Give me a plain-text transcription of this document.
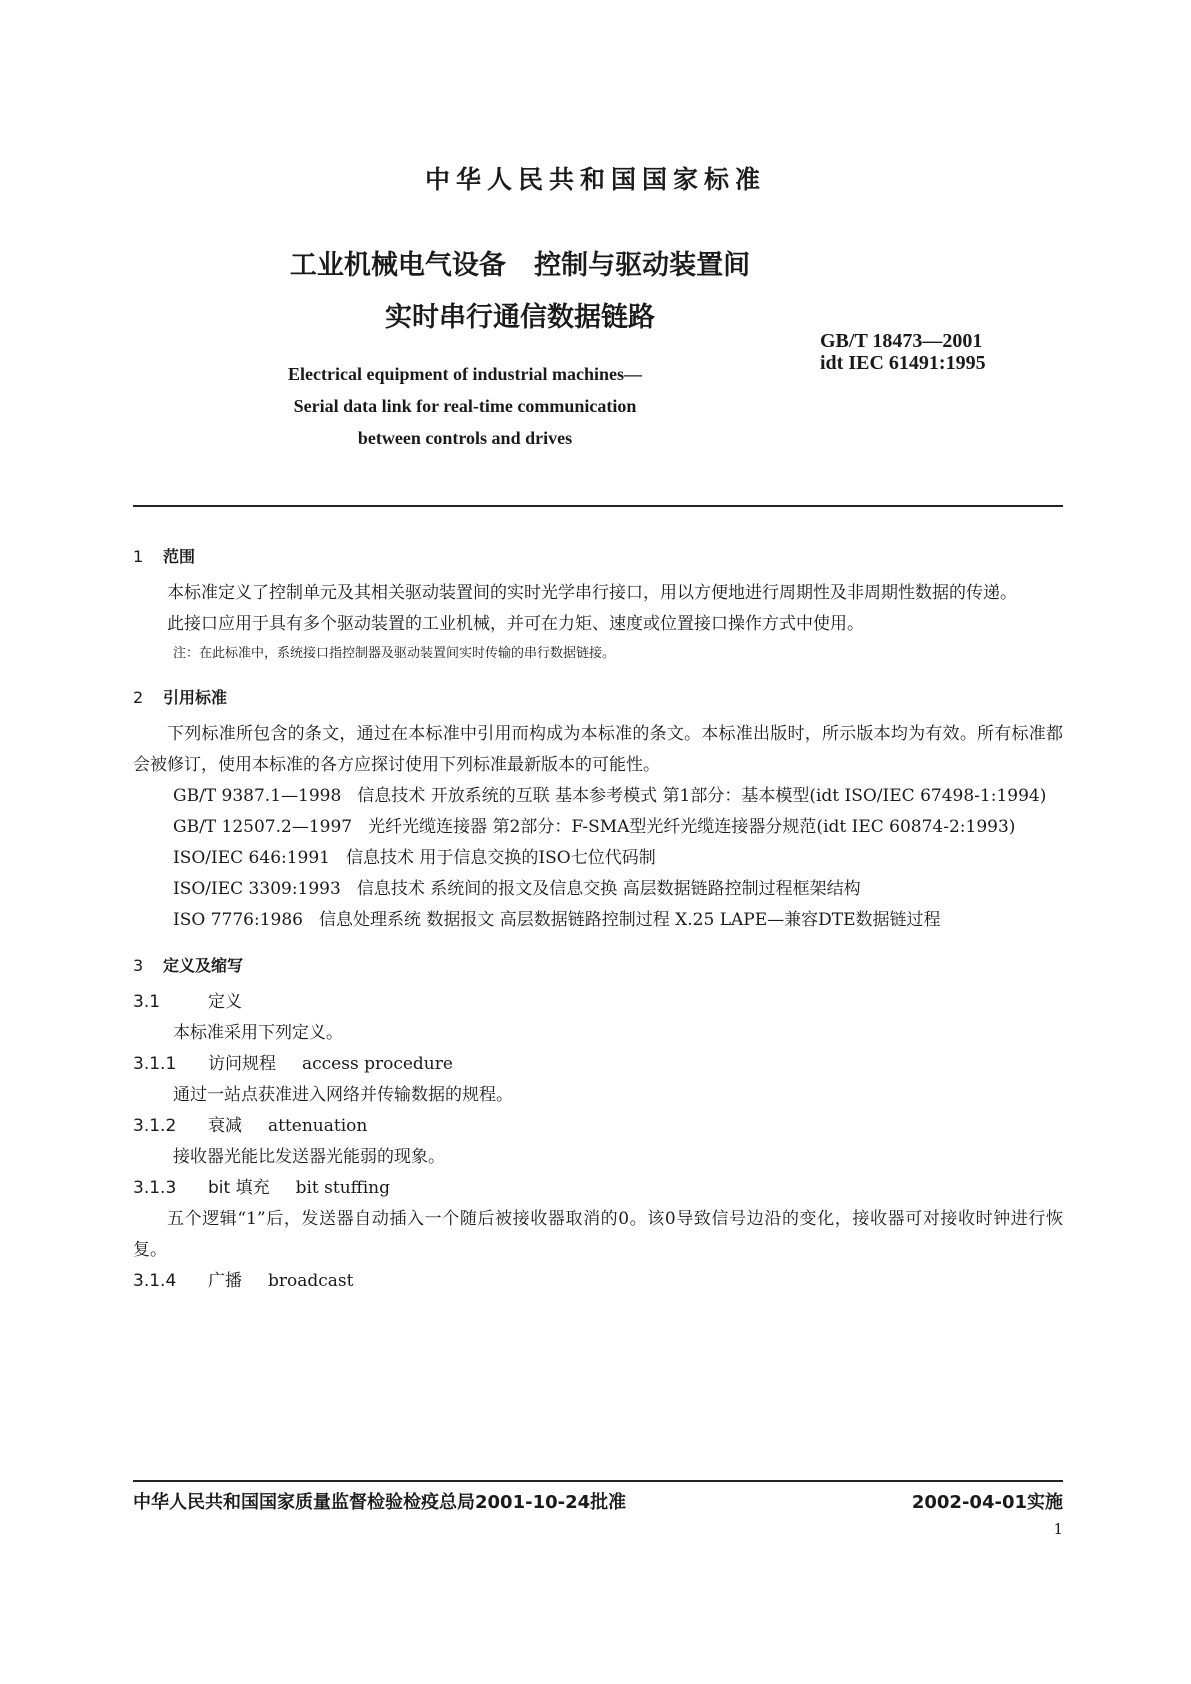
中华人民共和国国家标准
工业机械电气设备   控制与驱动装置间
实时串行通信数据链路
GB/T 18473—2001
idt IEC 61491:1995
Electrical equipment of industrial machines—
Serial data link for real-time communication
between controls and drives
1 范围
本标准定义了控制单元及其相关驱动装置间的实时光学串行接口，用以方便地进行周期性及非周期性数据的传递。
此接口应用于具有多个驱动装置的工业机械，并可在力矩、速度或位置接口操作方式中使用。
注：在此标准中，系统接口指控制器及驱动装置间实时传输的串行数据链接。
2 引用标准
下列标准所包含的条文，通过在本标准中引用而构成为本标准的条文。本标准出版时，所示版本均为有效。所有标准都会被修订，使用本标准的各方应探讨使用下列标准最新版本的可能性。
GB/T 9387.1—1998 信息技术 开放系统的互联 基本参考模式 第1部分：基本模型(idt ISO/IEC 67498-1:1994)
GB/T 12507.2—1997 光纤光缆连接器 第2部分：F-SMA型光纤光缆连接器分规范(idt IEC 60874-2:1993)
ISO/IEC 646:1991 信息技术 用于信息交换的ISO七位代码制
ISO/IEC 3309:1993 信息技术 系统间的报文及信息交换 高层数据链路控制过程框架结构
ISO 7776:1986 信息处理系统 数据报文 高层数据链路控制过程 X.25 LAPE—兼容DTE数据链过程
3 定义及缩写
3.1	定义
本标准采用下列定义。
3.1.1	访问规程	access procedure
通过一站点获准进入网络并传输数据的规程。
3.1.2	衰减	attenuation
接收器光能比发送器光能弱的现象。
3.1.3	bit 填充	bit stuffing
五个逻辑“1”后，发送器自动插入一个随后被接收器取消的0。该0导致信号边沿的变化，接收器可对接收时钟进行恢复。
3.1.4	广播	broadcast
中华人民共和国国家质量监督检验检疫总局2001-10-24批准	2002-04-01实施
1
